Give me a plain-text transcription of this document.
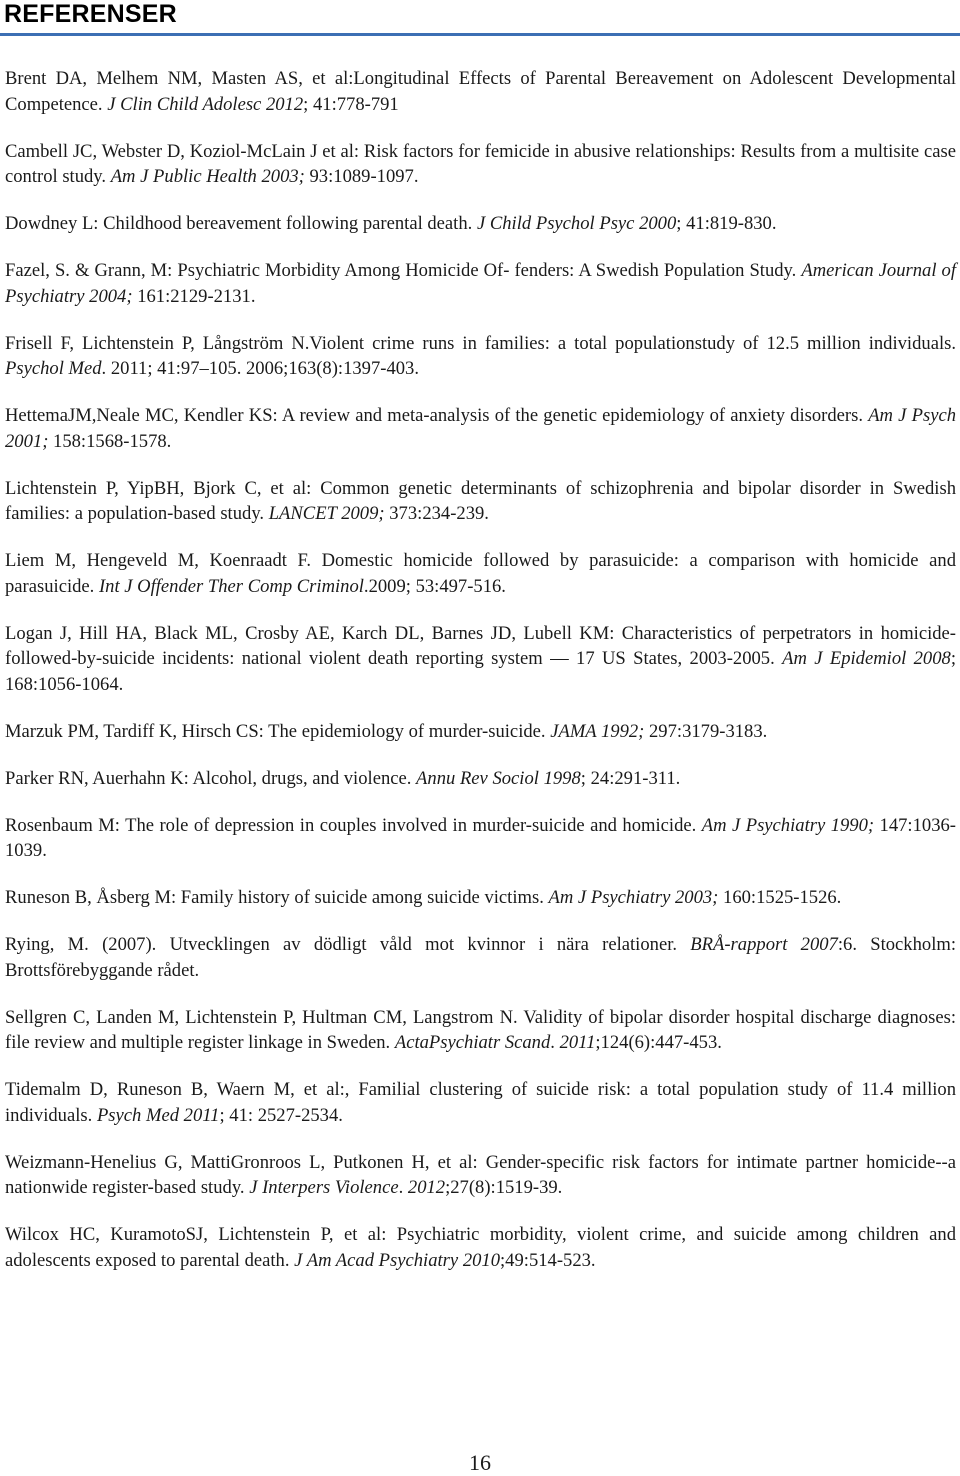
REFERENSER

Brent DA, Melhem NM, Masten AS, et al:Longitudinal Effects of Parental Bereavement on Adolescent Developmental Competence. J Clin Child Adolesc 2012; 41:778-791

Cambell JC, Webster D, Koziol-McLain J et al: Risk factors for femicide in abusive relationships: Results from a multisite case control study. Am J Public Health 2003; 93:1089-1097.

Dowdney L: Childhood bereavement following parental death. J Child Psychol Psyc 2000; 41:819-830.

Fazel, S. & Grann, M: Psychiatric Morbidity Among Homicide Of- fenders: A Swedish Population Study. American Journal of Psychiatry 2004; 161:2129-2131.

Frisell F, Lichtenstein P, Långström N.Violent crime runs in families: a total populationstudy of 12.5 million individuals. Psychol Med. 2011; 41:97–105. 2006;163(8):1397-403.

HettemaJM,Neale MC, Kendler KS: A review and meta-analysis of the genetic epidemiology of anxiety disorders. Am J Psych 2001; 158:1568-1578.

Lichtenstein P, YipBH, Bjork C, et al: Common genetic determinants of schizophrenia and bipolar disorder in Swedish families: a population-based study. LANCET 2009; 373:234-239.

Liem M, Hengeveld M, Koenraadt F. Domestic homicide followed by parasuicide: a comparison with homicide and parasuicide. Int J Offender Ther Comp Criminol.2009; 53:497-516.

Logan J, Hill HA, Black ML, Crosby AE, Karch DL, Barnes JD, Lubell KM: Characteristics of perpetrators in homicide-followed-by-suicide incidents: national violent death reporting system — 17 US States, 2003-2005. Am J Epidemiol 2008; 168:1056-1064.

Marzuk PM, Tardiff K, Hirsch CS: The epidemiology of murder-suicide. JAMA 1992; 297:3179-3183.

Parker RN, Auerhahn K: Alcohol, drugs, and violence. Annu Rev Sociol 1998; 24:291-311.

Rosenbaum M: The role of depression in couples involved in murder-suicide and homicide. Am J Psychiatry 1990; 147:1036-1039.

Runeson B, Åsberg M: Family history of suicide among suicide victims. Am J Psychiatry 2003; 160:1525-1526.

Rying, M. (2007). Utvecklingen av dödligt våld mot kvinnor i nära relationer. BRÅ-rapport 2007:6. Stockholm: Brottsförebyggande rådet.

Sellgren C, Landen M, Lichtenstein P, Hultman CM, Langstrom N. Validity of bipolar disorder hospital discharge diagnoses: file review and multiple register linkage in Sweden. ActaPsychiatr Scand. 2011;124(6):447-453.

Tidemalm D, Runeson B, Waern M, et al:, Familial clustering of suicide risk: a total population study of 11.4 million individuals. Psych Med 2011; 41: 2527-2534.

Weizmann-Henelius G, MattiGronroos L, Putkonen H, et al: Gender-specific risk factors for intimate partner homicide--a nationwide register-based study. J Interpers Violence. 2012;27(8):1519-39.

Wilcox HC, KuramotoSJ, Lichtenstein P, et al: Psychiatric morbidity, violent crime, and suicide among children and adolescents exposed to parental death. J Am Acad Psychiatry 2010;49:514-523.

16
